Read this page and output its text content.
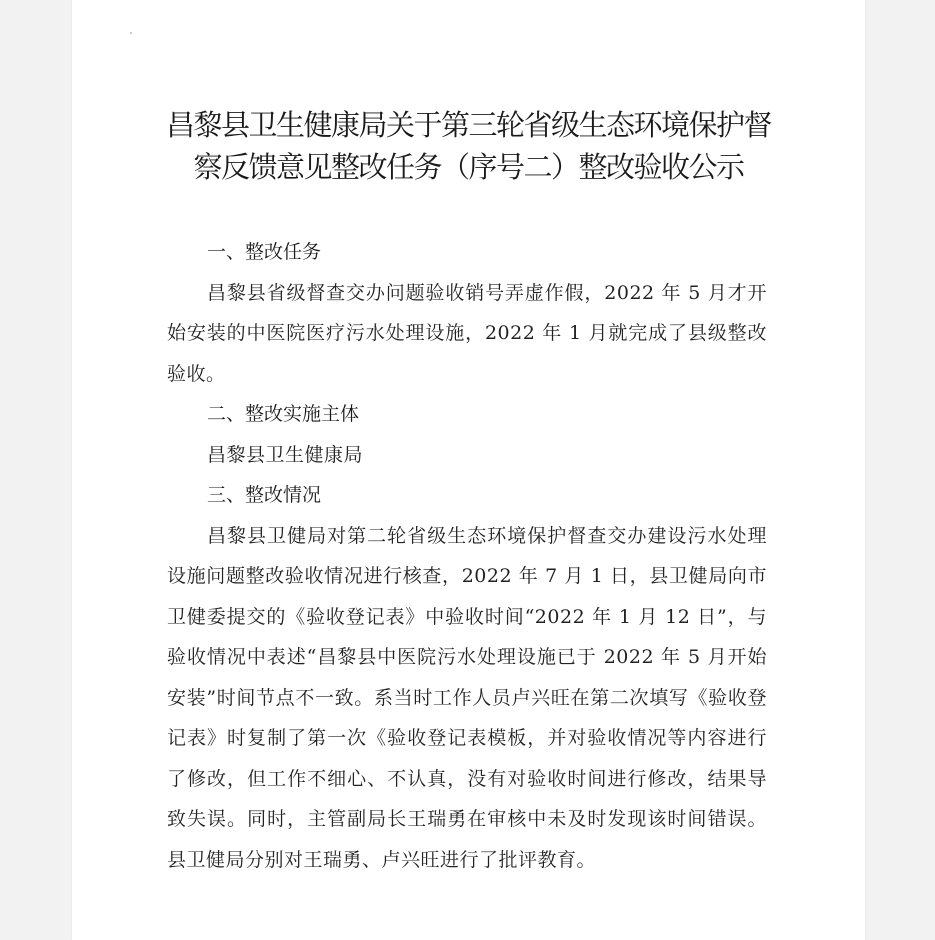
昌黎县卫生健康局关于第三轮省级生态环境保护督
察反馈意见整改任务（序号二）整改验收公示
一、整改任务

昌黎县省级督查交办问题验收销号弄虚作假，2022 年 5 月才开始安装的中医院医疗污水处理设施，2022 年 1 月就完成了县级整改验收。

二、整改实施主体

昌黎县卫生健康局

三、整改情况

昌黎县卫健局对第二轮省级生态环境保护督查交办建设污水处理设施问题整改验收情况进行核查，2022 年 7 月 1 日，县卫健局向市卫健委提交的《验收登记表》中验收时间“2022 年 1 月 12 日”，与验收情况中表述“昌黎县中医院污水处理设施已于 2022 年 5 月开始安装”时间节点不一致。系当时工作人员卢兴旺在第二次填写《验收登记表》时复制了第一次《验收登记表模板，并对验收情况等内容进行了修改，但工作不细心、不认真，没有对验收时间进行修改，结果导致失误。同时，主管副局长王瑞勇在审核中未及时发现该时间错误。县卫健局分别对王瑞勇、卢兴旺进行了批评教育。
